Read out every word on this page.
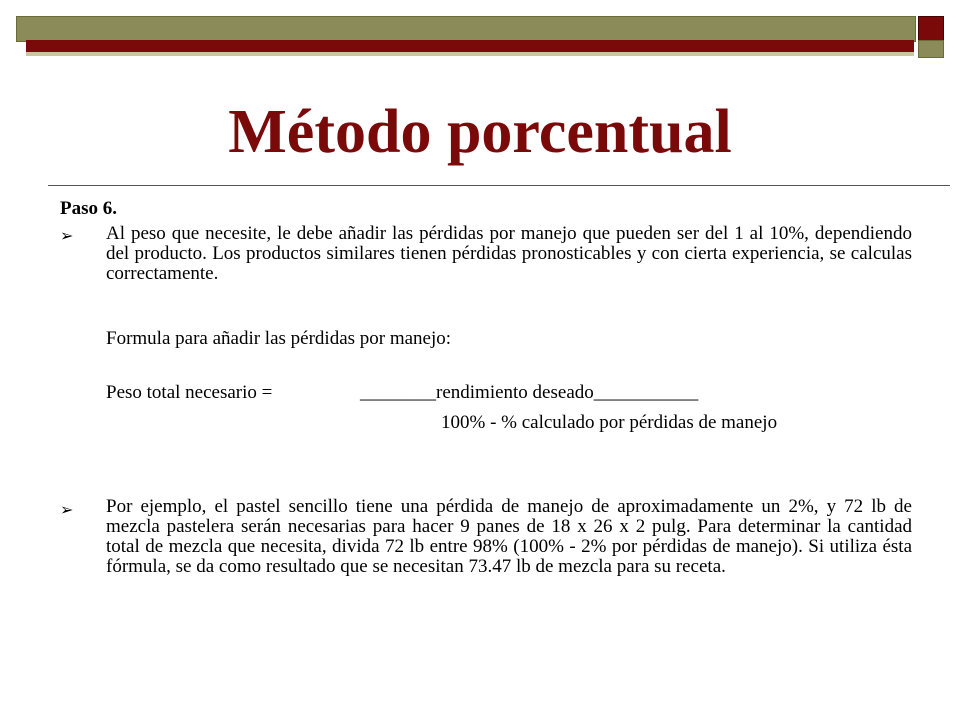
Método porcentual
Paso 6.
➢ Al peso que necesite, le debe añadir las pérdidas por manejo que pueden ser del 1 al 10%, dependiendo del producto. Los productos similares tienen pérdidas pronosticables y con cierta experiencia, se calculas correctamente.
Formula para añadir las pérdidas por manejo:
Peso total necesario =	________rendimiento deseado___________
100% - % calculado por pérdidas de manejo
➢ Por ejemplo, el pastel sencillo tiene una pérdida de manejo de aproximadamente un 2%, y 72 lb de mezcla pastelera serán necesarias para hacer 9 panes de 18 x 26 x 2 pulg. Para determinar la cantidad total de mezcla que necesita, divida 72 lb entre 98% (100% - 2% por pérdidas de manejo). Si utiliza ésta fórmula, se da como resultado que se necesitan 73.47 lb de mezcla para su receta.
